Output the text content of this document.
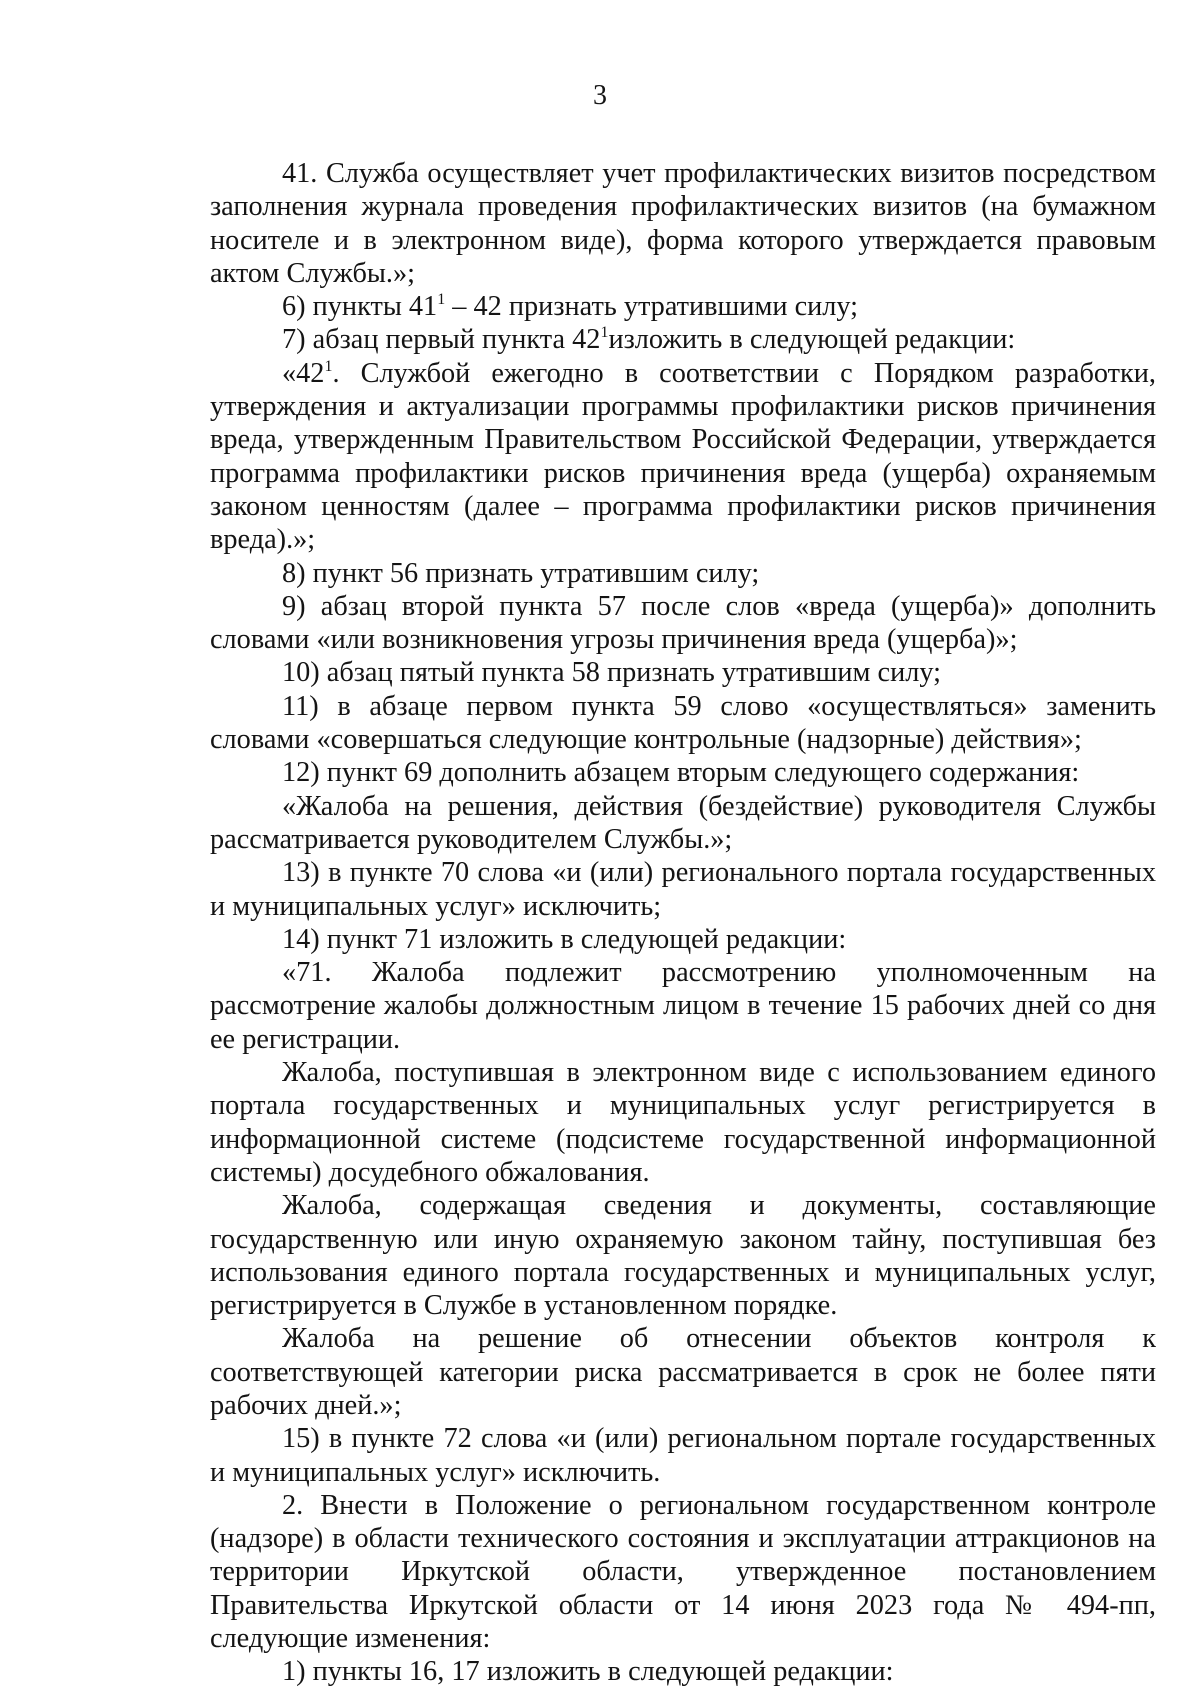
3

41. Служба осуществляет учет профилактических визитов посредством заполнения журнала проведения профилактических визитов (на бумажном носителе и в электронном виде), форма которого утверждается правовым актом Службы.»;

6) пункты $41^1 - 42$ признать утратившими силу;

7) абзац первый пункта $42^1изложить$ в следующей редакции:

«$42^1$. Службой ежегодно в соответствии с Порядком разработки, утверждения и актуализации программы профилактики рисков причинения вреда, утвержденным Правительством Российской Федерации, утверждается программа профилактики рисков причинения вреда (ущерба) охраняемым законом ценностям (далее – программа профилактики рисков причинения вреда).»;

8) пункт 56 признать утратившим силу;

9) абзац второй пункта 57 после слов «вреда (ущерба)» дополнить словами «или возникновения угрозы причинения вреда (ущерба)»;

10) абзац пятый пункта 58 признать утратившим силу;

11) в абзаце первом пункта 59 слово «осуществляться» заменить словами «совершаться следующие контрольные (надзорные) действия»;

12) пункт 69 дополнить абзацем вторым следующего содержания:

«Жалоба на решения, действия (бездействие) руководителя Службы рассматривается руководителем Службы.»;

13) в пункте 70 слова «и (или) регионального портала государственных и муниципальных услуг» исключить;

14) пункт 71 изложить в следующей редакции:

«71. Жалоба подлежит рассмотрению уполномоченным на рассмотрение жалобы должностным лицом в течение 15 рабочих дней со дня ее регистрации.

Жалоба, поступившая в электронном виде с использованием единого портала государственных и муниципальных услуг регистрируется в информационной системе (подсистеме государственной информационной системы) досудебного обжалования.

Жалоба, содержащая сведения и документы, составляющие государственную или иную охраняемую законом тайну, поступившая без использования единого портала государственных и муниципальных услуг, регистрируется в Службе в установленном порядке.

Жалоба на решение об отнесении объектов контроля к соответствующей категории риска рассматривается в срок не более пяти рабочих дней.»;

15) в пункте 72 слова «и (или) региональном портале государственных и муниципальных услуг» исключить.

2. Внести в Положение о региональном государственном контроле (надзоре) в области технического состояния и эксплуатации аттракционов на территории Иркутской области, утвержденное постановлением Правительства Иркутской области от 14 июня 2023 года № 494-пп, следующие изменения:

1) пункты 16, 17 изложить в следующей редакции:
